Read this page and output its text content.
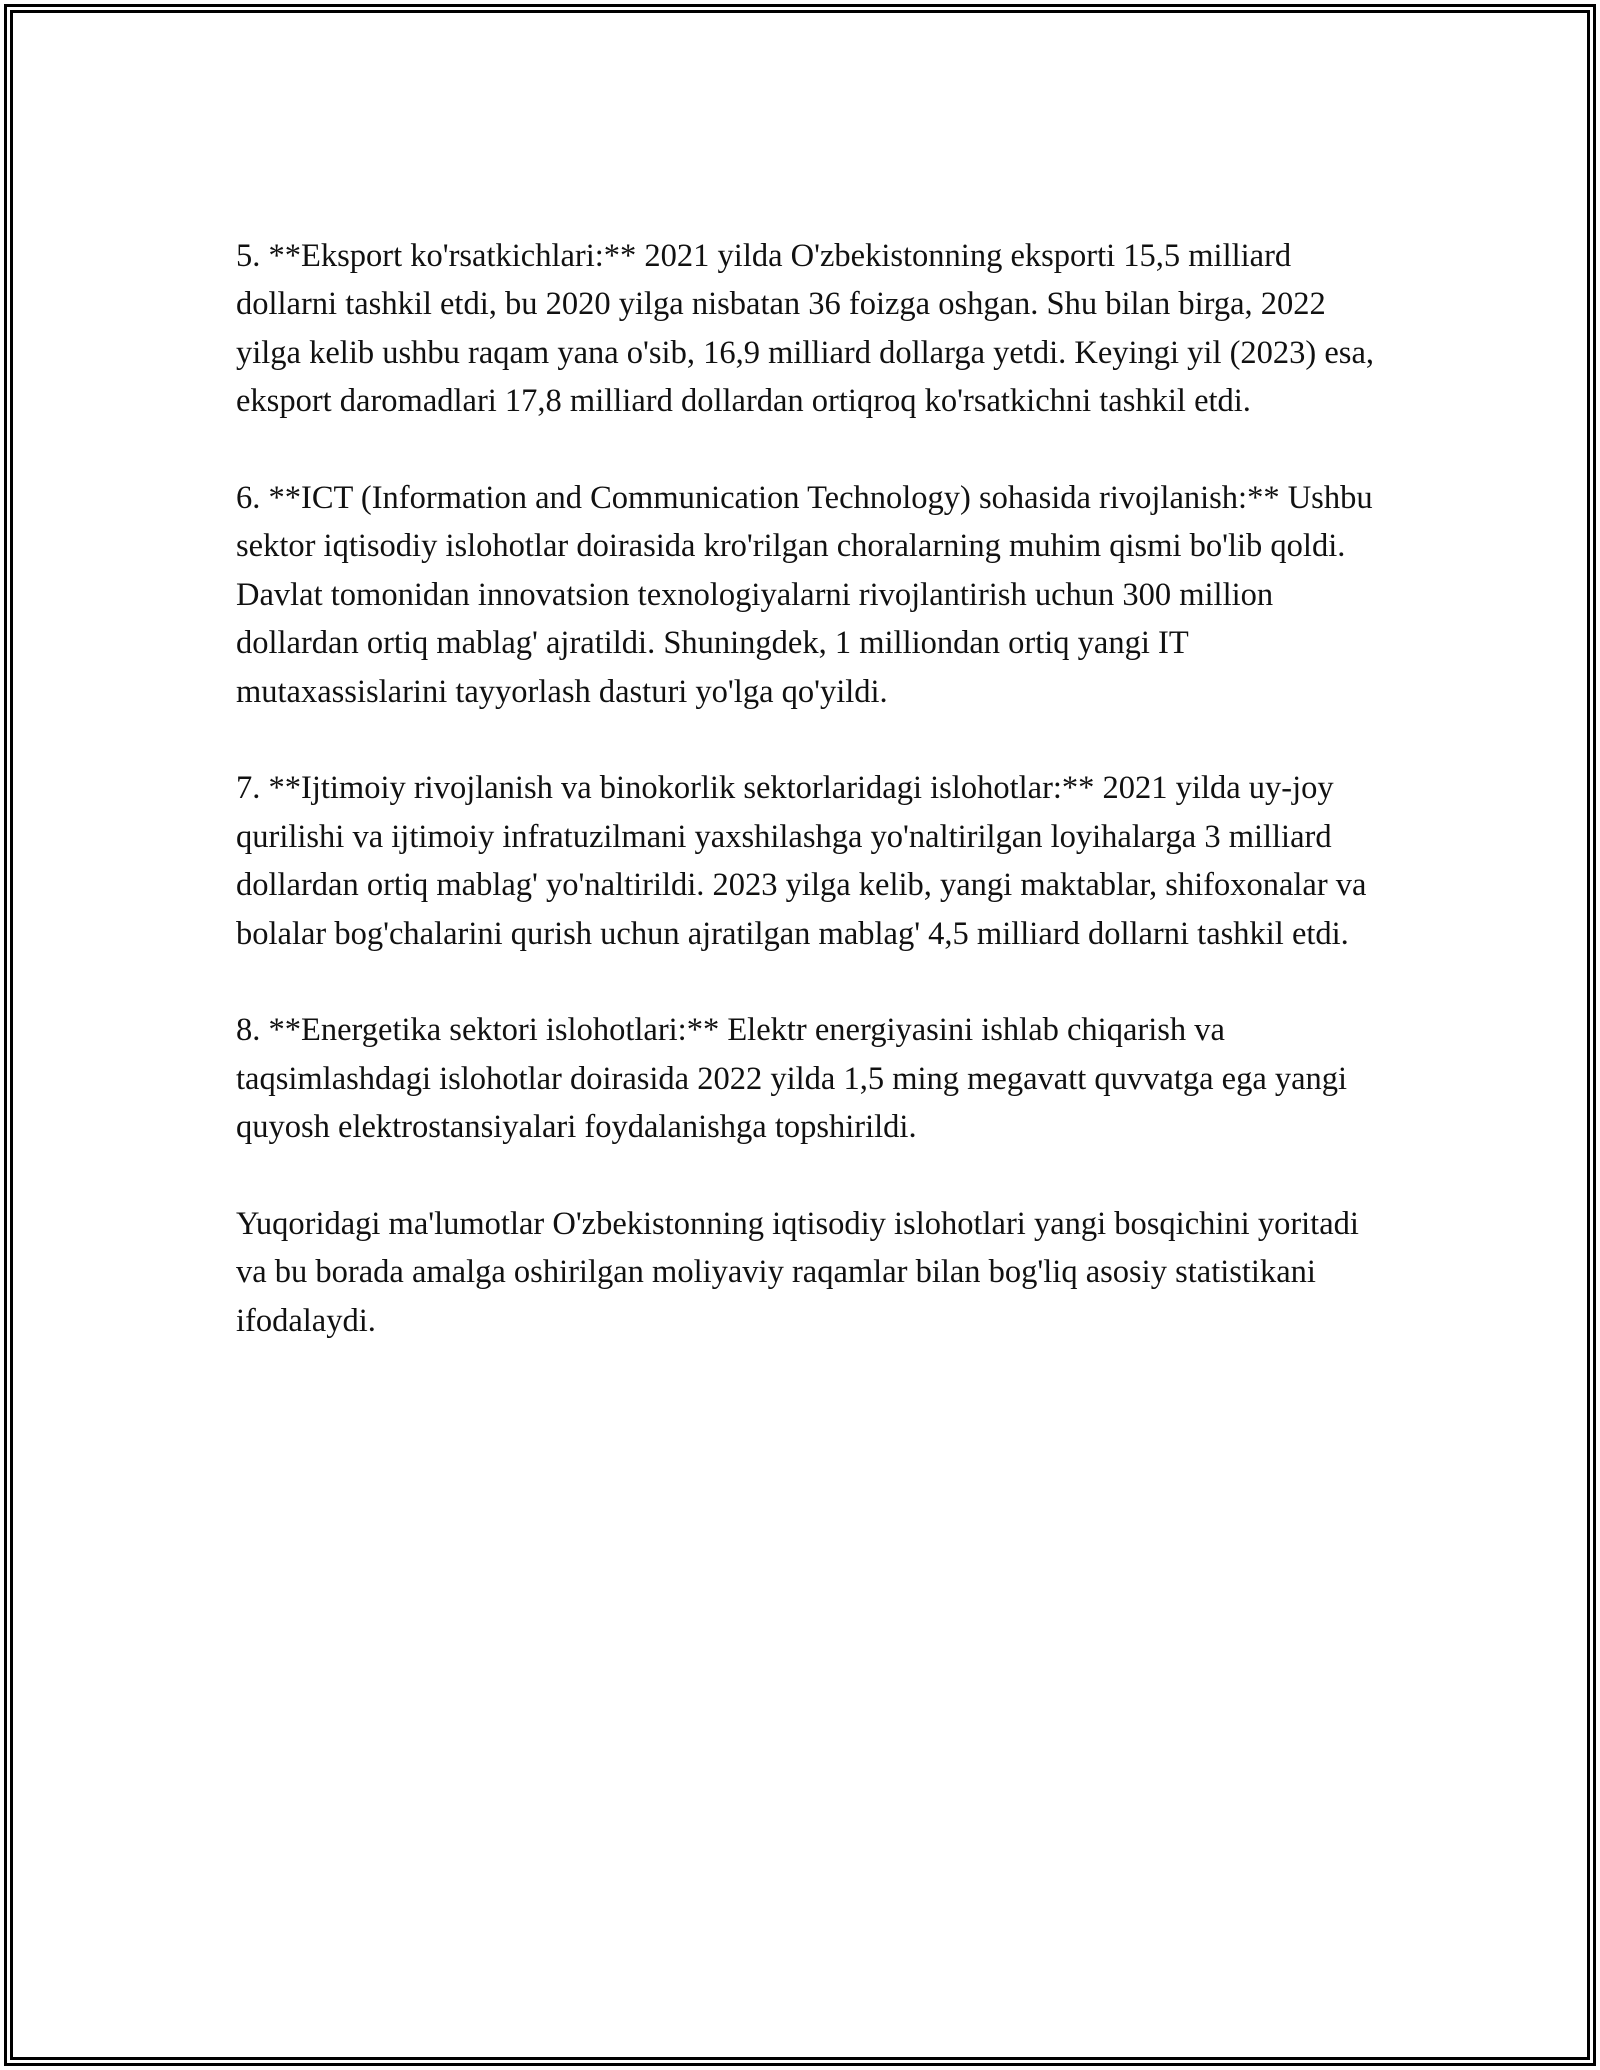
5. **Eksport ko'rsatkichlari:** 2021 yilda O'zbekistonning eksporti 15,5 milliard dollarni tashkil etdi, bu 2020 yilga nisbatan 36 foizga oshgan. Shu bilan birga, 2022 yilga kelib ushbu raqam yana o'sib, 16,9 milliard dollarga yetdi. Keyingi yil (2023) esa, eksport daromadlari 17,8 milliard dollardan ortiqroq ko'rsatkichni tashkil etdi.

6. **ICT (Information and Communication Technology) sohasida rivojlanish:** Ushbu sektor iqtisodiy islohotlar doirasida kro'rilgan choralarning muhim qismi bo'lib qoldi. Davlat tomonidan innovatsion texnologiyalarni rivojlantirish uchun 300 million dollardan ortiq mablag' ajratildi. Shuningdek, 1 milliondan ortiq yangi IT mutaxassislarini tayyorlash dasturi yo'lga qo'yildi.

7. **Ijtimoiy rivojlanish va binokorlik sektorlaridagi islohotlar:** 2021 yilda uy-joy qurilishi va ijtimoiy infratuzilmani yaxshilashga yo'naltirilgan loyihalarga 3 milliard dollardan ortiq mablag' yo'naltirildi. 2023 yilga kelib, yangi maktablar, shifoxonalar va bolalar bog'chalarini qurish uchun ajratilgan mablag' 4,5 milliard dollarni tashkil etdi.

8. **Energetika sektori islohotlari:** Elektr energiyasini ishlab chiqarish va taqsimlashdagi islohotlar doirasida 2022 yilda 1,5 ming megavatt quvvatga ega yangi quyosh elektrostansiyalari foydalanishga topshirildi.

Yuqoridagi ma'lumotlar O'zbekistonning iqtisodiy islohotlari yangi bosqichini yoritadi va bu borada amalga oshirilgan moliyaviy raqamlar bilan bog'liq asosiy statistikani ifodalaydi.
